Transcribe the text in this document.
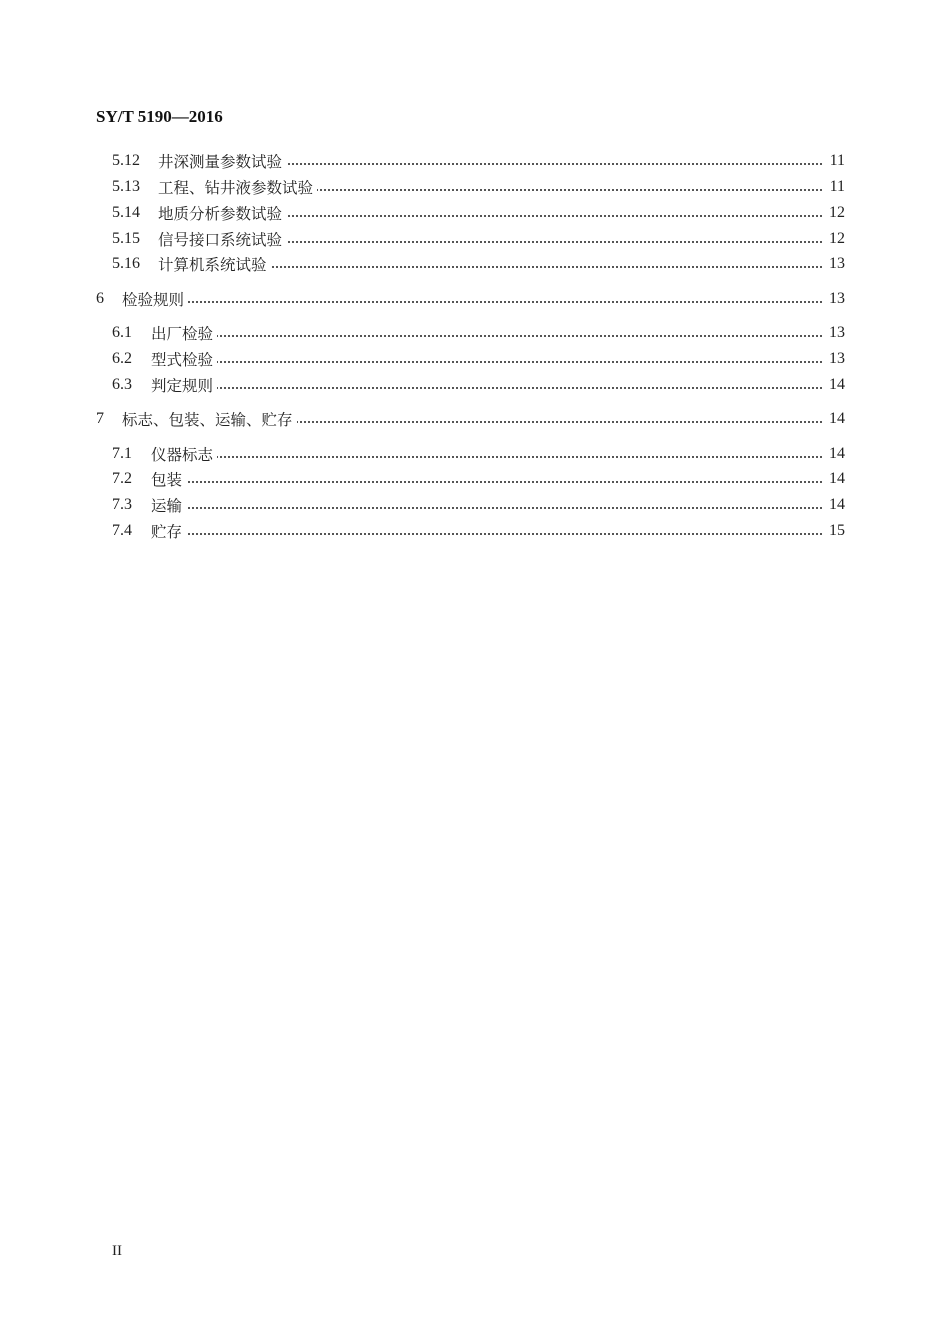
SY/T 5190—2016
5.12 井深测量参数试验	11
5.13 工程、钻井液参数试验	11
5.14 地质分析参数试验	12
5.15 信号接口系统试验	12
5.16 计算机系统试验	13
6 检验规则	13
6.1 出厂检验	13
6.2 型式检验	13
6.3 判定规则	14
7 标志、包装、运输、贮存	14
7.1 仪器标志	14
7.2 包装	14
7.3 运输	14
7.4 贮存	15
II
